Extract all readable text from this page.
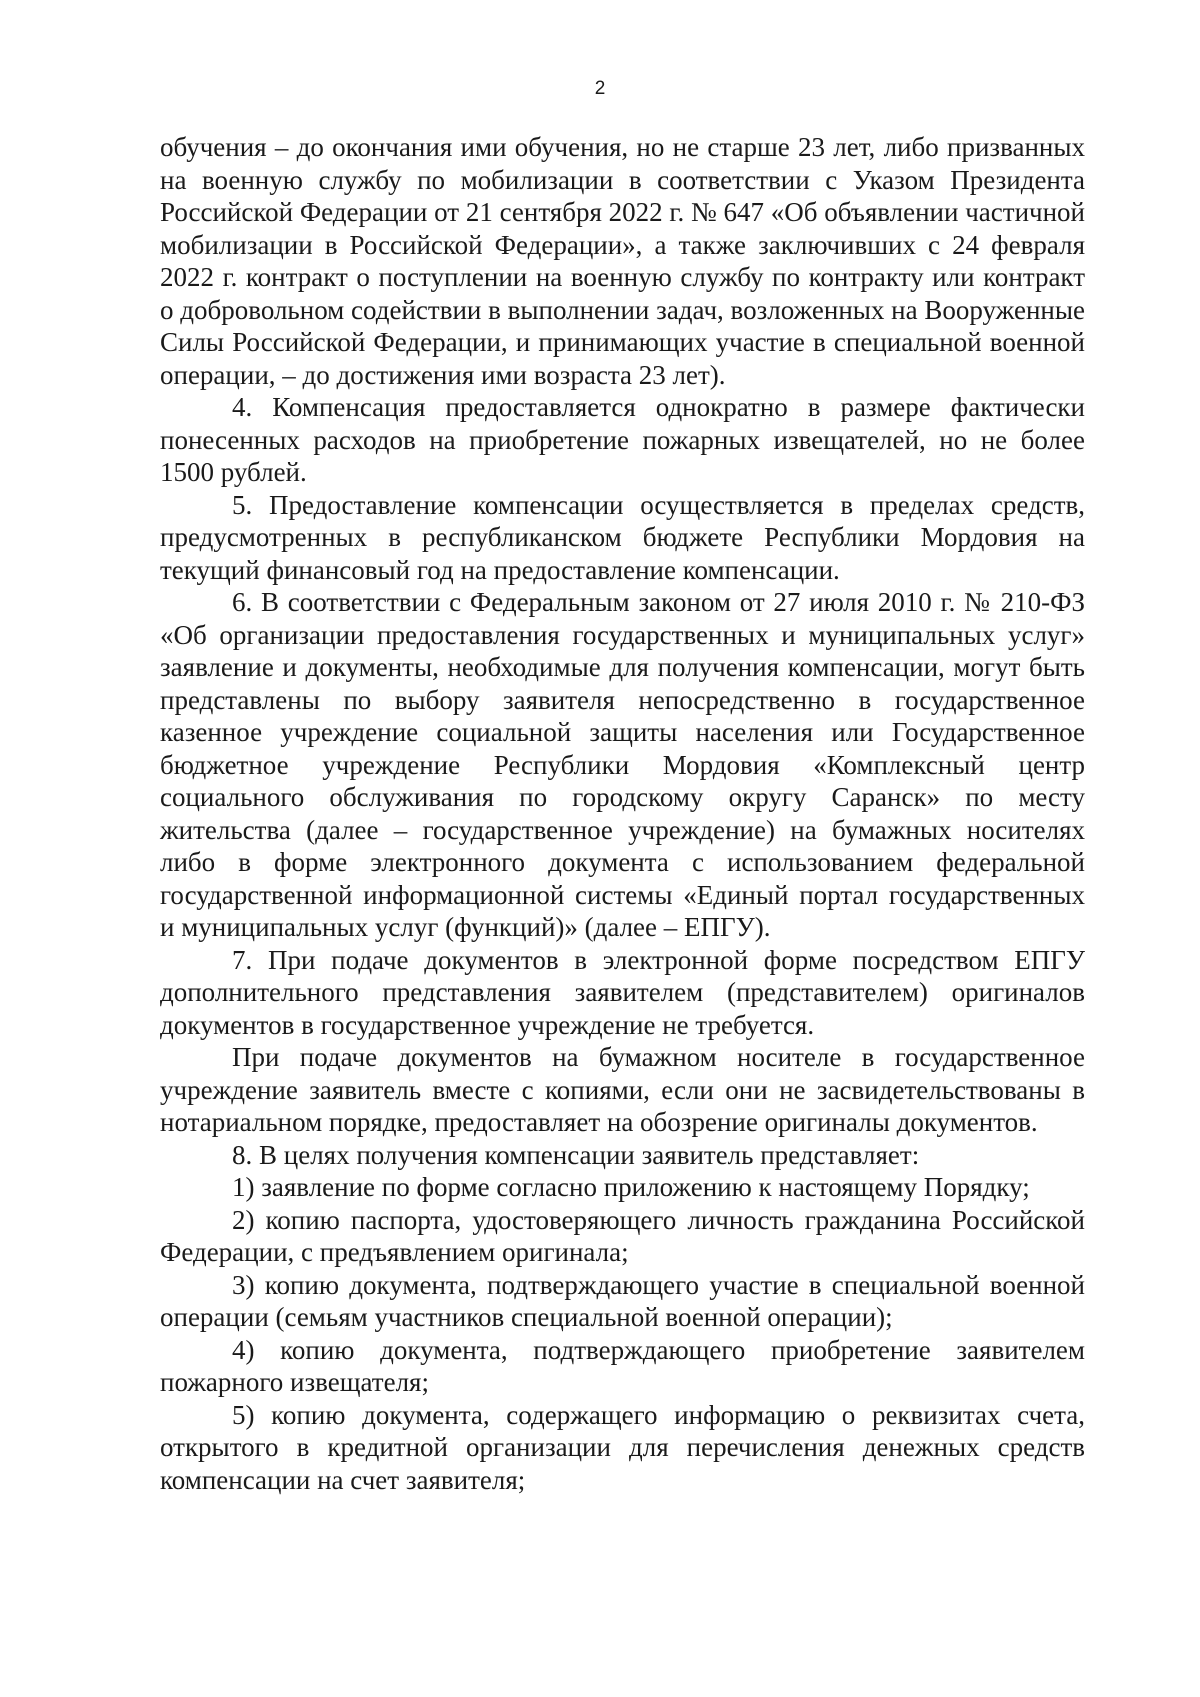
2

обучения – до окончания ими обучения, но не старше 23 лет, либо призванных на военную службу по мобилизации в соответствии с Указом Президента Российской Федерации от 21 сентября 2022 г. № 647 «Об объявлении частичной мобилизации в Российской Федерации», а также заключивших с 24 февраля 2022 г. контракт о поступлении на военную службу по контракту или контракт о добровольном содействии в выполнении задач, возложенных на Вооруженные Силы Российской Федерации, и принимающих участие в специальной военной операции, – до достижения ими возраста 23 лет).

4. Компенсация предоставляется однократно в размере фактически понесенных расходов на приобретение пожарных извещателей, но не более 1500 рублей.

5. Предоставление компенсации осуществляется в пределах средств, предусмотренных в республиканском бюджете Республики Мордовия на текущий финансовый год на предоставление компенсации.

6. В соответствии с Федеральным законом от 27 июля 2010 г. № 210-ФЗ «Об организации предоставления государственных и муниципальных услуг» заявление и документы, необходимые для получения компенсации, могут быть представлены по выбору заявителя непосредственно в государственное казенное учреждение социальной защиты населения или Государственное бюджетное учреждение Республики Мордовия «Комплексный центр социального обслуживания по городскому округу Саранск» по месту жительства (далее – государственное учреждение) на бумажных носителях либо в форме электронного документа с использованием федеральной государственной информационной системы «Единый портал государственных и муниципальных услуг (функций)» (далее – ЕПГУ).

7. При подаче документов в электронной форме посредством ЕПГУ дополнительного представления заявителем (представителем) оригиналов документов в государственное учреждение не требуется.

При подаче документов на бумажном носителе в государственное учреждение заявитель вместе с копиями, если они не засвидетельствованы в нотариальном порядке, предоставляет на обозрение оригиналы документов.

8. В целях получения компенсации заявитель представляет:

1) заявление по форме согласно приложению к настоящему Порядку;

2) копию паспорта, удостоверяющего личность гражданина Российской Федерации, с предъявлением оригинала;

3) копию документа, подтверждающего участие в специальной военной операции (семьям участников специальной военной операции);

4) копию документа, подтверждающего приобретение заявителем пожарного извещателя;

5) копию документа, содержащего информацию о реквизитах счета, открытого в кредитной организации для перечисления денежных средств компенсации на счет заявителя;
